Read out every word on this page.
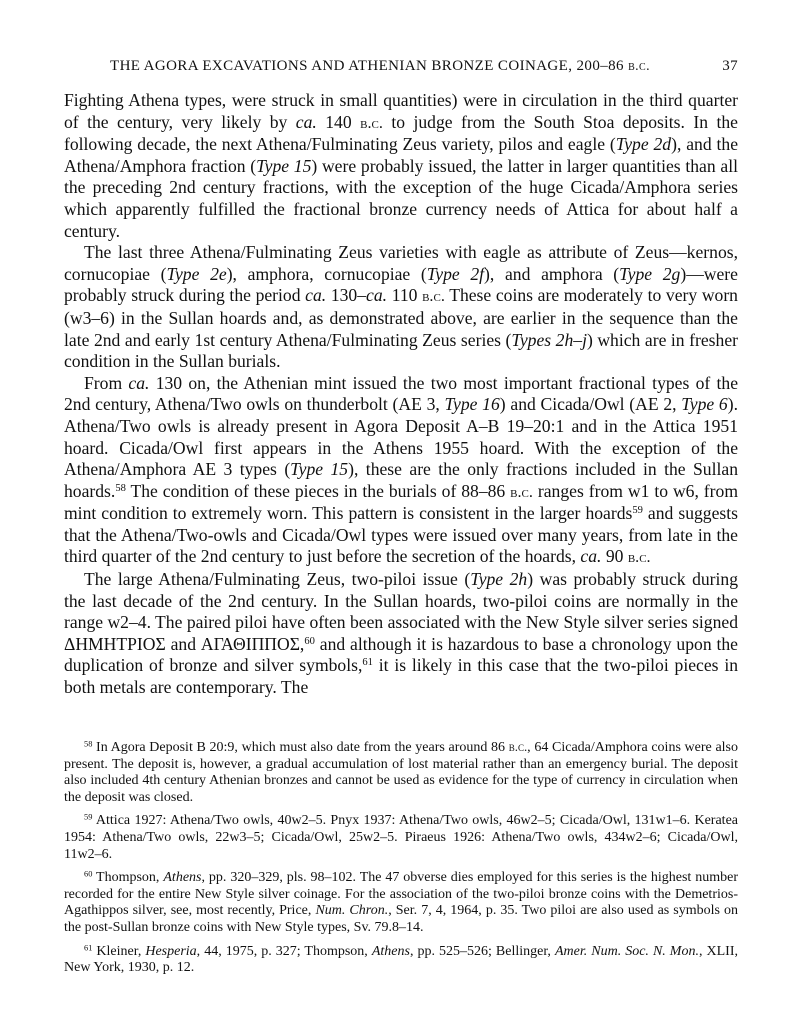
THE AGORA EXCAVATIONS AND ATHENIAN BRONZE COINAGE, 200–86 b.c.	37

Fighting Athena types, were struck in small quantities) were in circulation in the third quarter of the century, very likely by ca. 140 b.c. to judge from the South Stoa deposits. In the following decade, the next Athena/Fulminating Zeus variety, pilos and eagle (Type 2d), and the Athena/Amphora fraction (Type 15) were probably issued, the latter in larger quantities than all the preceding 2nd century fractions, with the exception of the huge Cicada/Amphora series which apparently fulfilled the fractional bronze currency needs of Attica for about half a century.

The last three Athena/Fulminating Zeus varieties with eagle as attribute of Zeus—kernos, cornucopiae (Type 2e), amphora, cornucopiae (Type 2f), and amphora (Type 2g)—were probably struck during the period ca. 130–ca. 110 b.c. These coins are moderately to very worn (w3–6) in the Sullan hoards and, as demonstrated above, are earlier in the sequence than the late 2nd and early 1st century Athena/Fulminating Zeus series (Types 2h–j) which are in fresher condition in the Sullan burials.

From ca. 130 on, the Athenian mint issued the two most important fractional types of the 2nd century, Athena/Two owls on thunderbolt (AE 3, Type 16) and Cicada/Owl (AE 2, Type 6). Athena/Two owls is already present in Agora Deposit A–B 19–20:1 and in the Attica 1951 hoard. Cicada/Owl first appears in the Athens 1955 hoard. With the exception of the Athena/Amphora AE 3 types (Type 15), these are the only fractions included in the Sullan hoards.$^{58}$ The condition of these pieces in the burials of 88–86 b.c. ranges from w1 to w6, from mint condition to extremely worn. This pattern is consistent in the larger hoards$^{59}$ and suggests that the Athena/Two-owls and Cicada/Owl types were issued over many years, from late in the third quarter of the 2nd century to just before the secretion of the hoards, ca. 90 b.c.

The large Athena/Fulminating Zeus, two-piloi issue (Type 2h) was probably struck during the last decade of the 2nd century. In the Sullan hoards, two-piloi coins are normally in the range w2–4. The paired piloi have often been associated with the New Style silver series signed ΔΗΜΗΤΡΙΟΣ and ΑΓΑΘΙΠΠΟΣ,$^{60}$ and although it is hazardous to base a chronology upon the duplication of bronze and silver symbols,$^{61}$ it is likely in this case that the two-piloi pieces in both metals are contemporary. The

$^{58}$ In Agora Deposit B 20:9, which must also date from the years around 86 b.c., 64 Cicada/Amphora coins were also present. The deposit is, however, a gradual accumulation of lost material rather than an emergency burial. The deposit also included 4th century Athenian bronzes and cannot be used as evidence for the type of currency in circulation when the deposit was closed.

$^{59}$ Attica 1927: Athena/Two owls, 40w2–5. Pnyx 1937: Athena/Two owls, 46w2–5; Cicada/Owl, 131w1–6. Keratea 1954: Athena/Two owls, 22w3–5; Cicada/Owl, 25w2–5. Piraeus 1926: Athena/Two owls, 434w2–6; Cicada/Owl, 11w2–6.

$^{60}$ Thompson, Athens, pp. 320–329, pls. 98–102. The 47 obverse dies employed for this series is the highest number recorded for the entire New Style silver coinage. For the association of the two-piloi bronze coins with the Demetrios-Agathippos silver, see, most recently, Price, Num. Chron., Ser. 7, 4, 1964, p. 35. Two piloi are also used as symbols on the post-Sullan bronze coins with New Style types, Sv. 79.8–14.

$^{61}$ Kleiner, Hesperia, 44, 1975, p. 327; Thompson, Athens, pp. 525–526; Bellinger, Amer. Num. Soc. N. Mon., XLII, New York, 1930, p. 12.
